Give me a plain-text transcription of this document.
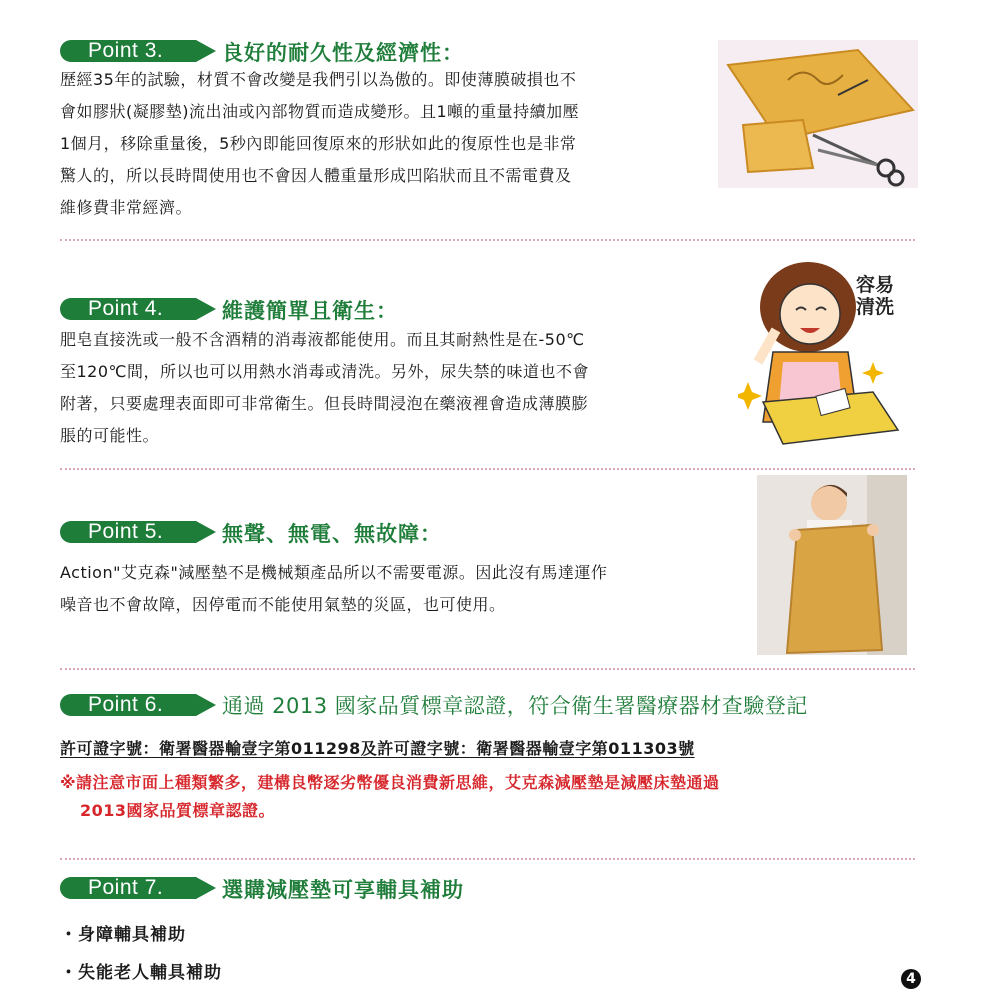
Point 3.	良好的耐久性及經濟性：

歷經35年的試驗，材質不會改變是我們引以為傲的。即使薄膜破損也不

會如膠狀(凝膠墊)流出油或內部物質而造成變形。且1噸的重量持續加壓

1個月，移除重量後，5秒內即能回復原來的形狀如此的復原性也是非常

驚人的，所以長時間使用也不會因人體重量形成凹陷狀而且不需電費及

維修費非常經濟。

Point 4.	維護簡單且衛生：

肥皂直接洗或一般不含酒精的消毒液都能使用。而且其耐熱性是在-50℃

至120℃間，所以也可以用熱水消毒或清洗。另外，尿失禁的味道也不會

附著，只要處理表面即可非常衛生。但長時間浸泡在藥液裡會造成薄膜膨

脹的可能性。

容易
清洗
Point 5.	無聲、無電、無故障：

Action"艾克森"減壓墊不是機械類產品所以不需要電源。因此沒有馬達運作

噪音也不會故障，因停電而不能使用氣墊的災區，也可使用。

Point 6.	通過 2013 國家品質標章認證，符合衛生署醫療器材查驗登記

許可證字號：衛署醫器輸壹字第011298及許可證字號：衛署醫器輸壹字第011303號

※請注意市面上種類繁多，建構良幣逐劣幣優良消費新思維，艾克森減壓墊是減壓床墊通過

2013國家品質標章認證。

Point 7.	選購減壓墊可享輔具補助
・身障輔具補助
・失能老人輔具補助	4
